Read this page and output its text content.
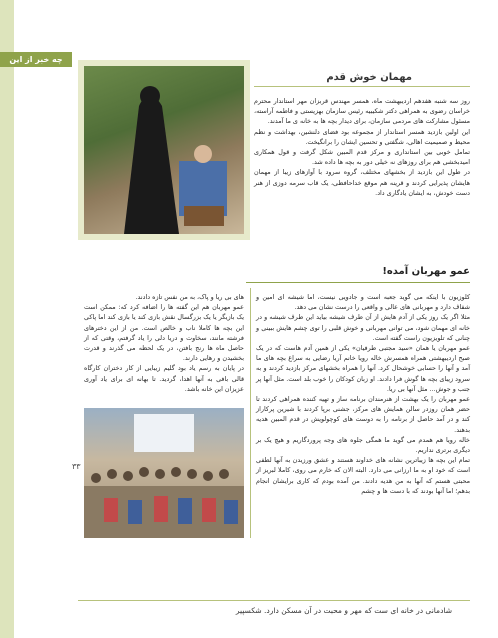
چه خبر از این خانه	مهمان خوش قدم

روز سه شنبه هفدهم اردیبهشت ماه، همسر مهندس قربزان مهر استاندار محترم خراسان رضوی به همراهی دکتر شکیبیه رئیس سازمان بهزیستی و فاطمه آراسته، مسئول مشارکت های مردمی سازمان، برای دیدار بچه ها به خانه ی ما آمدند.

این اولین بازدید همسر استاندار از مجموعه بود فضای دلنشین، بهداشت و نظم محیط و صمیمیت اهالی، شگفتی و تحسین ایشان را برانگیخت.

تمامل خوبی بین استانداری و مرکز قدم المبین شکل گرفت و قول همکاری امیدبخشی هم برای روزهای نه خیلی دور به بچه ها داده شد.

در طول این بازدید از بخشهای مختلف، گروه سرود با آوازهای زیبا از مهمان هایشان پذیرایی کردند و قرینه هم موقع خداحافظی، یک قاب سرمه دوزی از هنر دست خودش، به ایشان یادگاری داد.

عمو مهربان آمده!

کلوزیون با اینکه می گوید جعبه است و جادویی نیست، اما شیشه ای امین و شفاف دارد و مهربانی های عالی و واقعی را درست نشان می دهد.

مثلا اگر یک روز یکی از آدم هایش از آن طرف شیشه بیاید این طرف شیشه و در خانه ای مهمان شود، می توانی مهربانی و خوش قلبی را توی چشم هایش ببینی و چنانی که تلویزیون راست گفته است.

عمو مهربان یا همان «سید مجتبی طرفیان» یکی از همین آدم هاست که در یک صبح اردیبهشتی همراه همسرش خاله رویا خانم آریا رضایی به سراغ بچه های ما آمد و آنها را حسابی خوشحال کرد. آنها را همراه بخشهای مرکز بازدید کردند و به سرود زیبای بچه ها گوش فرا دادند. او زبان کودکان را خوب بلد است. مثل آنها پر جنب و جوش... مثل آنها بی ریا.

عمو مهربان را یک بهشت از هنرمندان برنامه ساز و تهیه کننده همراهی کردند تا حضر همان روزدر سالن همایش های مرکز، جشنی برپا کردند با شیرین پرکاراز کند و در آمد حاصل از برنامه را به دوست های کوچولویش در قدم المبین هدیه بدهند.

خاله رویا هم همدم می گوید ما همگی جلوه های وجه پروردگاریم و هیچ یک بر دیگری برتری نداریم.

تمام این بچه ها زیباترین نشانه های خداوند هستند و عشق ورزیدن به آنها لطفی است که خود او به ما ارزانی می دارد. البته الان که خارم می روی، کاملا لبریز از محبتی هستم که آنها به من هدیه دادند. من آمده بودم که کاری برایشان انجام بدهم؛ اما آنها بودند که با دست ها و چشم

های بی ریا و پاک، به من نفس تازه دادند.

عمو مهربان هم این گفته ها را اضافه کرد که: ممکن است یک بازیگر یا یک بزرگسال نقش بازی کند یا بازی کند اما پاکی این بچه ها کاملا ناب و خالص است. من از این دخترهای فرشته مانند، سخاوت و دریا دلی را یاد گرفتم، وقتی که از حاصل ماه ها رنج بافتن، در یک لحظه می گذرند و قدرت بخشیدن و رهایی دارند.

در پایان به رسم یاد بود گلیم زیبایی از کار دختران کارگاه قالی بافی به آنها اهدا، گردید. تا بهانه ای برای یاد آوری عزیزان این خانه باشد.

۳۳
شادمانی در خانه ای ست که مهر و محبت در آن مسکن دارد. شکسپیر
